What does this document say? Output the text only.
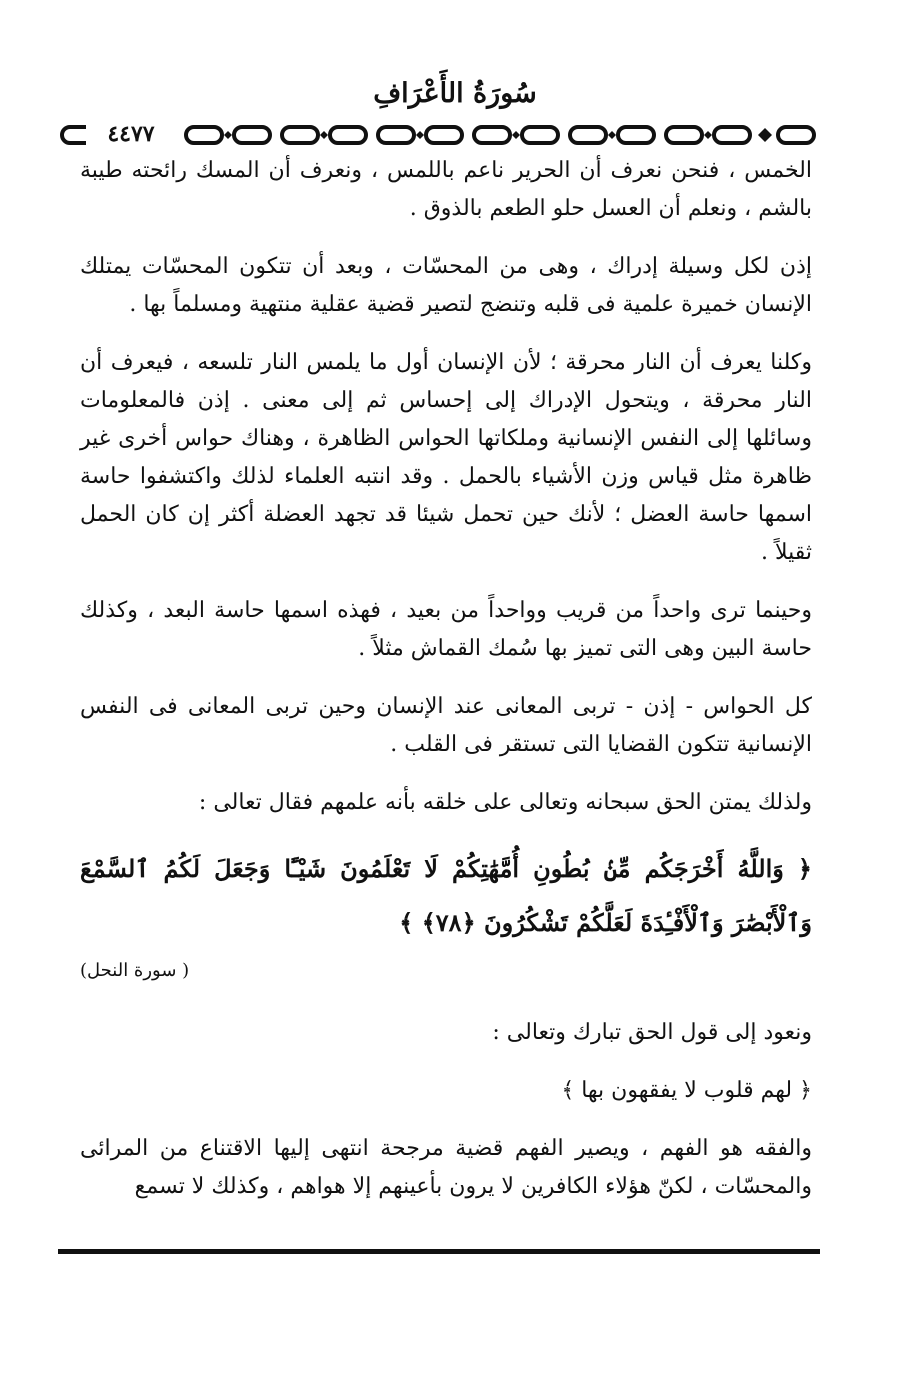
سُورَةُ الأَعْرَافِ
٤٤٧٧

الخمس ، فنحن نعرف أن الحرير ناعم باللمس ، ونعرف أن المسك رائحته طيبة بالشم ، ونعلم أن العسل حلو الطعم بالذوق .

إذن لكل وسيلة إدراك ، وهى من المحسّات ، وبعد أن تتكون المحسّات يمتلك الإنسان خميرة علمية فى قلبه وتنضج لتصير قضية عقلية منتهية ومسلماً بها .

وكلنا يعرف أن النار محرقة ؛ لأن الإنسان أول ما يلمس النار تلسعه ، فيعرف أن النار محرقة ، ويتحول الإدراك إلى إحساس ثم إلى معنى . إذن فالمعلومات وسائلها إلى النفس الإنسانية وملكاتها الحواس الظاهرة ، وهناك حواس أخرى غير ظاهرة مثل قياس وزن الأشياء بالحمل . وقد انتبه العلماء لذلك واكتشفوا حاسة اسمها حاسة العضل ؛ لأنك حين تحمل شيئا قد تجهد العضلة أكثر إن كان الحمل ثقيلاً .

وحينما ترى واحداً من قريب وواحداً من بعيد ، فهذه اسمها حاسة البعد ، وكذلك حاسة البين وهى التى تميز بها سُمك القماش مثلاً .

كل الحواس - إذن - تربى المعانى عند الإنسان وحين تربى المعانى فى النفس الإنسانية تتكون القضايا التى تستقر فى القلب .

ولذلك يمتن الحق سبحانه وتعالى على خلقه بأنه علمهم فقال تعالى :

﴿ وَاللَّهُ أَخْرَجَكُم مِّنۢ بُطُونِ أُمَّهَٰتِكُمْ لَا تَعْلَمُونَ شَيْـًٔا وَجَعَلَ لَكُمُ ٱلسَّمْعَ وَٱلْأَبْصَٰرَ وَٱلْأَفْـِٔدَةَ لَعَلَّكُمْ تَشْكُرُونَ ﴿٧٨﴾ ﴾
( سورة النحل)

ونعود إلى قول الحق تبارك وتعالى :

﴿ لهم قلوب لا يفقهون بها ﴾

والفقه هو الفهم ، ويصير الفهم قضية مرجحة انتهى إليها الاقتناع من المرائى والمحسّات ، لكنّ هؤلاء الكافرين لا يرون بأعينهم إلا هواهم ، وكذلك لا تسمع
